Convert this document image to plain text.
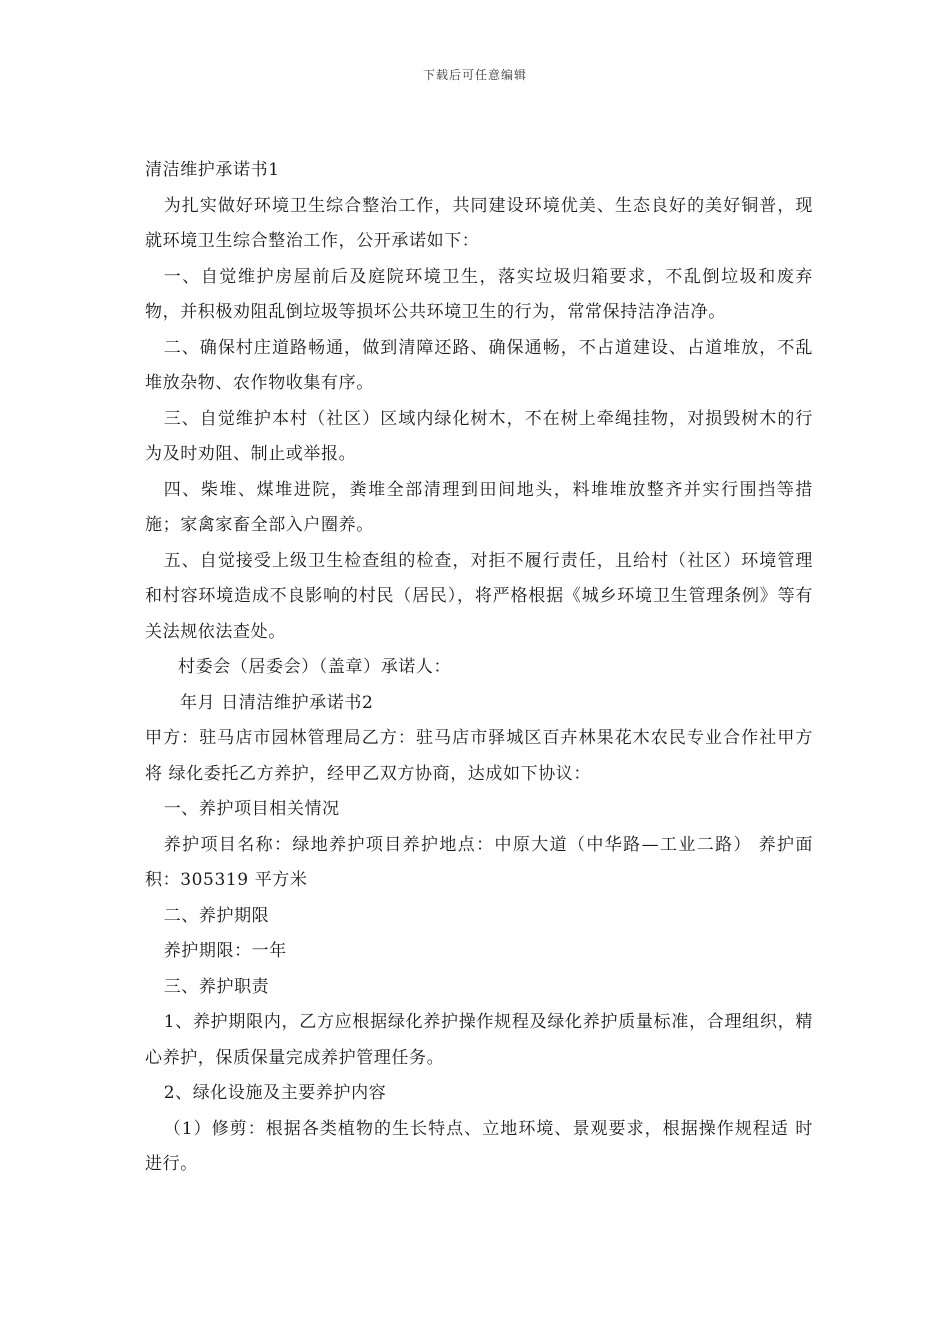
下载后可任意编辑

清洁维护承诺书1

为扎实做好环境卫生综合整治工作，共同建设环境优美、生态良好的美好铜普，现就环境卫生综合整治工作，公开承诺如下：

一、自觉维护房屋前后及庭院环境卫生，落实垃圾归箱要求，不乱倒垃圾和废弃物，并积极劝阻乱倒垃圾等损坏公共环境卫生的行为，常常保持洁净洁净。

二、确保村庄道路畅通，做到清障还路、确保通畅，不占道建设、占道堆放，不乱堆放杂物、农作物收集有序。

三、自觉维护本村（社区）区域内绿化树木，不在树上牵绳挂物，对损毁树木的行为及时劝阻、制止或举报。

四、柴堆、煤堆进院，粪堆全部清理到田间地头，料堆堆放整齐并实行围挡等措施；家禽家畜全部入户圈养。

五、自觉接受上级卫生检查组的检查，对拒不履行责任，且给村（社区）环境管理和村容环境造成不良影响的村民（居民），将严格根据《城乡环境卫生管理条例》等有关法规依法查处。

村委会（居委会）（盖章）承诺人：

年月 日清洁维护承诺书2

甲方：驻马店市园林管理局乙方：驻马店市驿城区百卉林果花木农民专业合作社甲方将 绿化委托乙方养护，经甲乙双方协商，达成如下协议：

一、养护项目相关情况

养护项目名称：绿地养护项目养护地点：中原大道（中华路—工业二路） 养护面积：305319 平方米

二、养护期限

养护期限：一年

三、养护职责

1、养护期限内，乙方应根据绿化养护操作规程及绿化养护质量标准，合理组织，精心养护，保质保量完成养护管理任务。

2、绿化设施及主要养护内容

（1）修剪：根据各类植物的生长特点、立地环境、景观要求，根据操作规程适 时进行。
